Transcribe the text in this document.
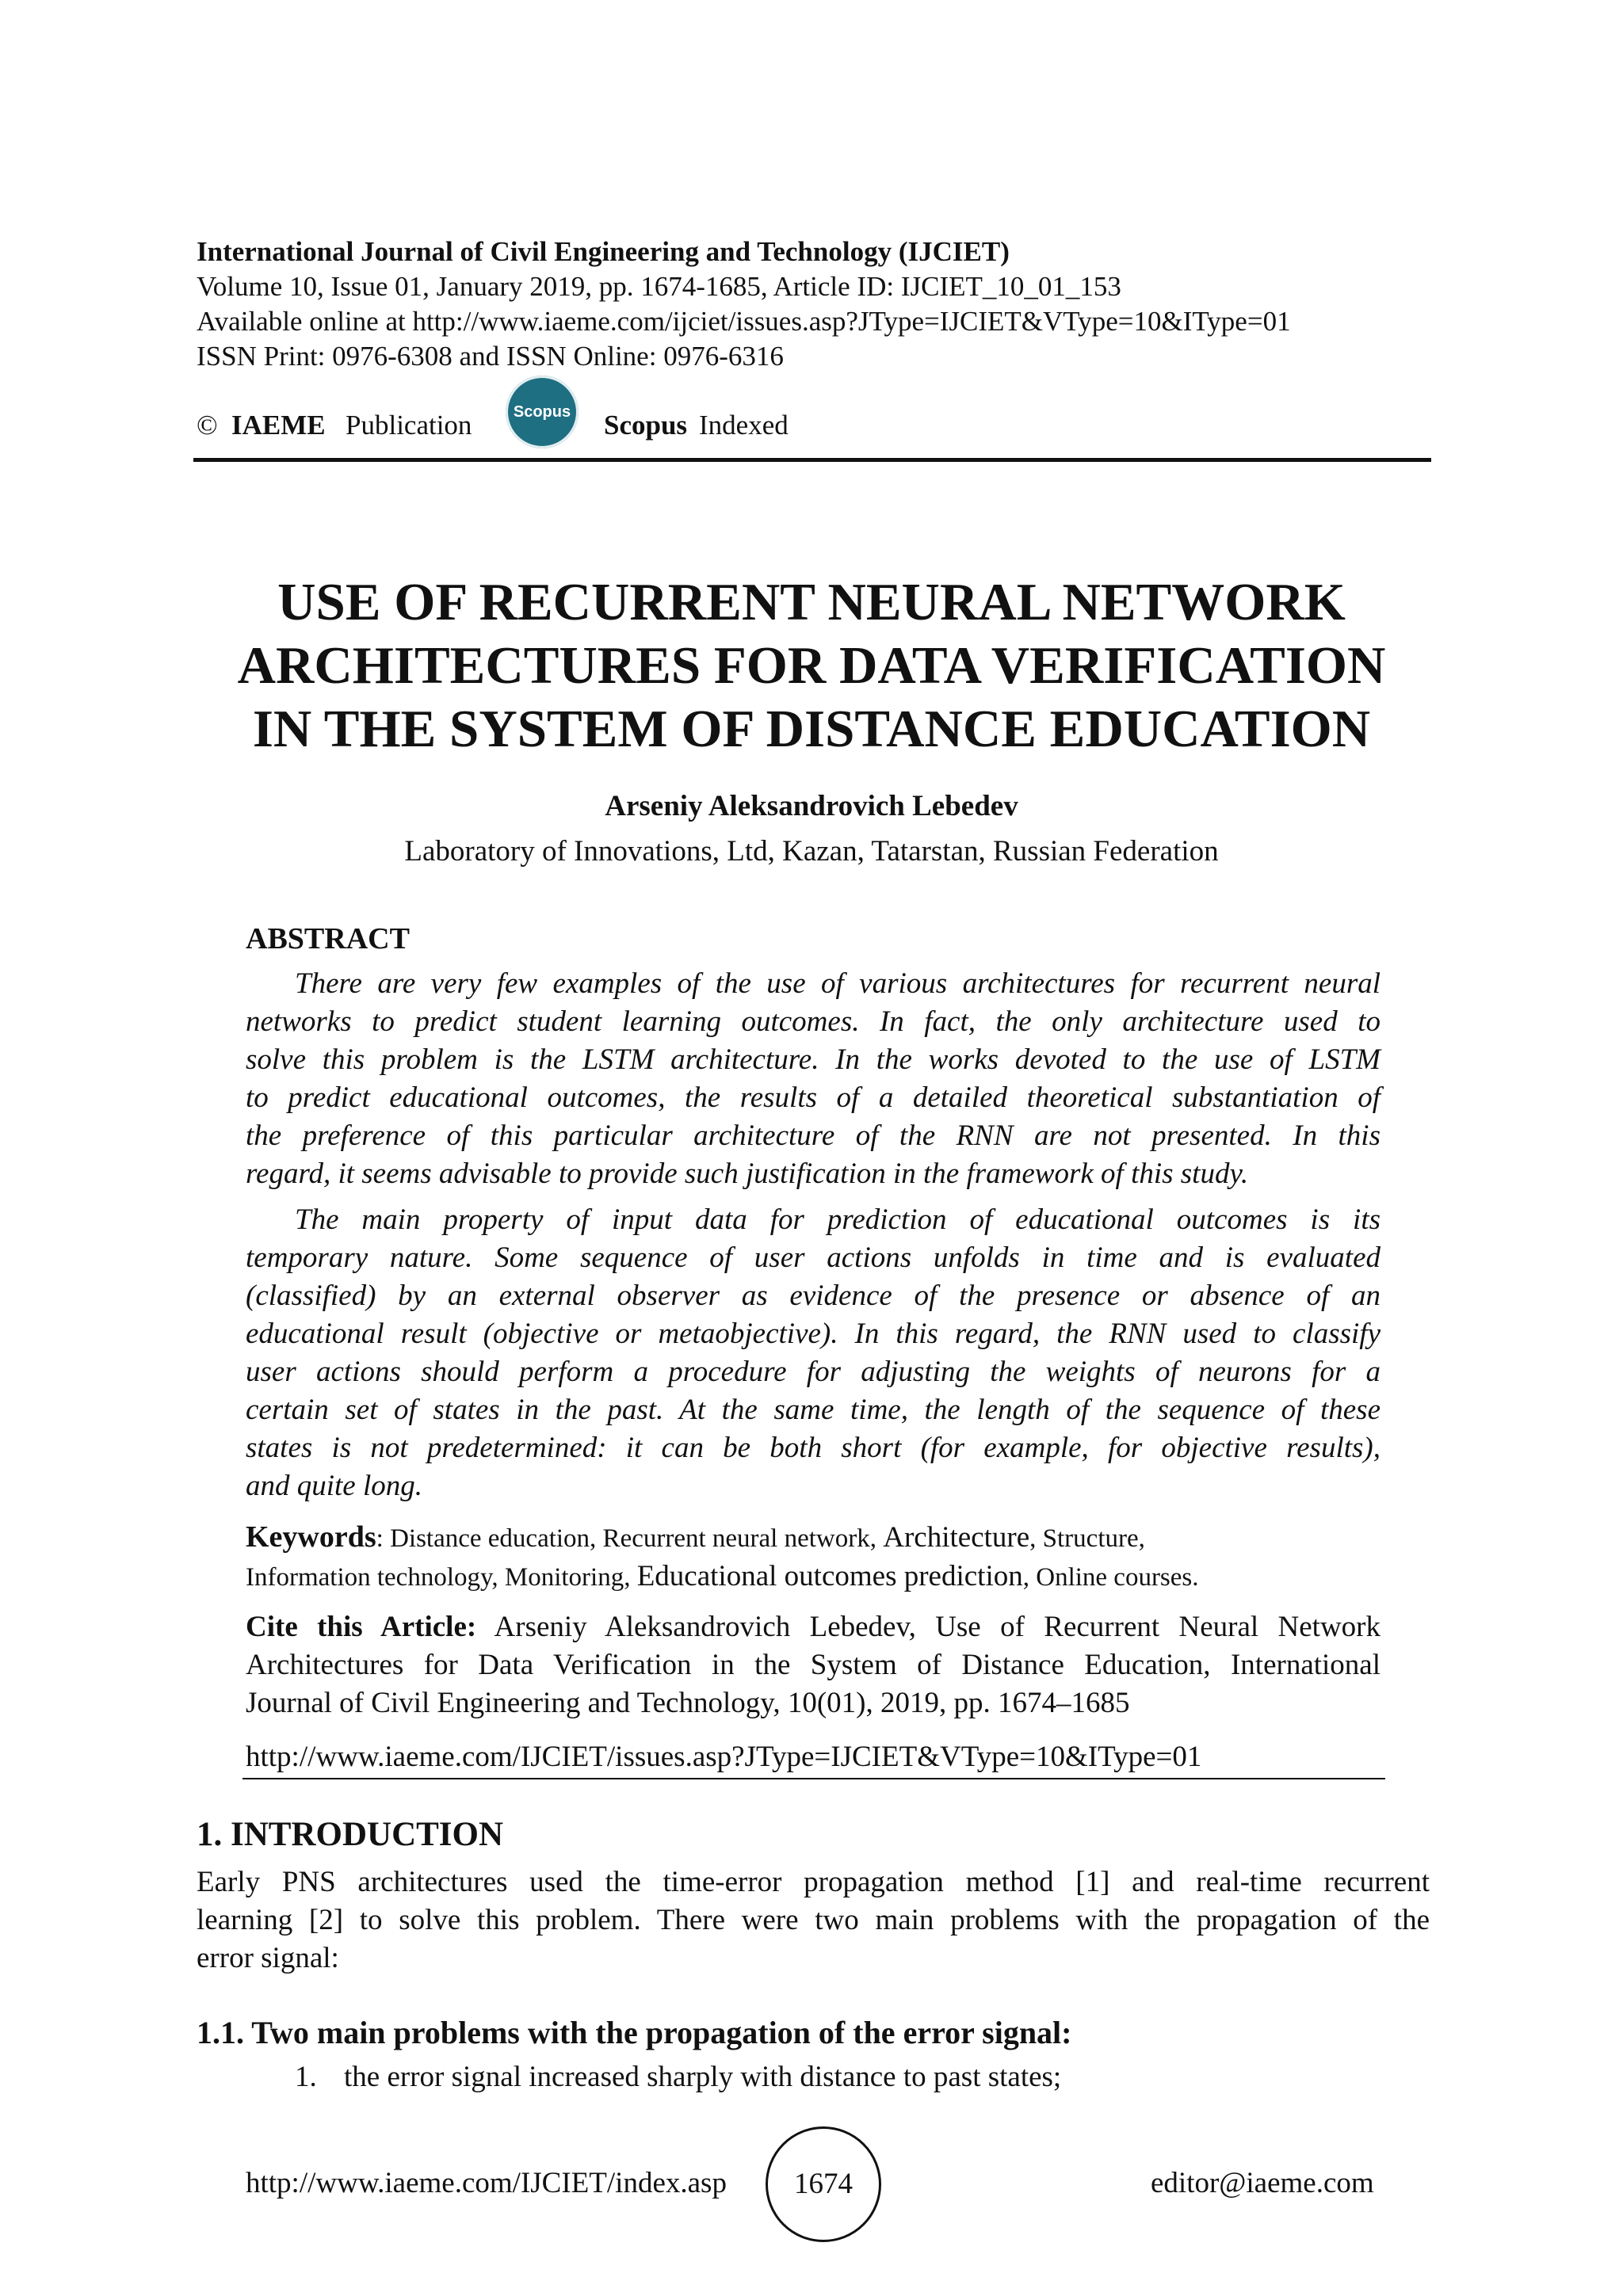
International Journal of Civil Engineering and Technology (IJCIET)
Volume 10, Issue 01, January 2019, pp. 1674-1685, Article ID: IJCIET_10_01_153
Available online at http://www.iaeme.com/ijciet/issues.asp?JType=IJCIET&VType=10&IType=01
ISSN Print: 0976-6308 and ISSN Online: 0976-6316
© IAEME Publication	Scopus Scopus Indexed
USE OF RECURRENT NEURAL NETWORK
ARCHITECTURES FOR DATA VERIFICATION
IN THE SYSTEM OF DISTANCE EDUCATION
Arseniy Aleksandrovich Lebedev
Laboratory of Innovations, Ltd, Kazan, Tatarstan, Russian Federation
ABSTRACT
There are very few examples of the use of various architectures for recurrent neural
networks to predict student learning outcomes. In fact, the only architecture used to
solve this problem is the LSTM architecture. In the works devoted to the use of LSTM
to predict educational outcomes, the results of a detailed theoretical substantiation of
the preference of this particular architecture of the RNN are not presented. In this
regard, it seems advisable to provide such justification in the framework of this study.
The main property of input data for prediction of educational outcomes is its
temporary nature. Some sequence of user actions unfolds in time and is evaluated
(classified) by an external observer as evidence of the presence or absence of an
educational result (objective or metaobjective). In this regard, the RNN used to classify
user actions should perform a procedure for adjusting the weights of neurons for a
certain set of states in the past. At the same time, the length of the sequence of these
states is not predetermined: it can be both short (for example, for objective results),
and quite long.
Keywords: Distance education, Recurrent neural network, Architecture, Structure,
Information technology, Monitoring, Educational outcomes prediction, Online courses.
Cite this Article: Arseniy Aleksandrovich Lebedev, Use of Recurrent Neural Network
Architectures for Data Verification in the System of Distance Education, International
Journal of Civil Engineering and Technology, 10(01), 2019, pp. 1674–1685
http://www.iaeme.com/IJCIET/issues.asp?JType=IJCIET&VType=10&IType=01
1. INTRODUCTION
Early PNS architectures used the time-error propagation method [1] and real-time recurrent
learning [2] to solve this problem. There were two main problems with the propagation of the
error signal:
1.1. Two main problems with the propagation of the error signal:
1. the error signal increased sharply with distance to past states;
http://www.iaeme.com/IJCIET/index.asp	1674	editor@iaeme.com
